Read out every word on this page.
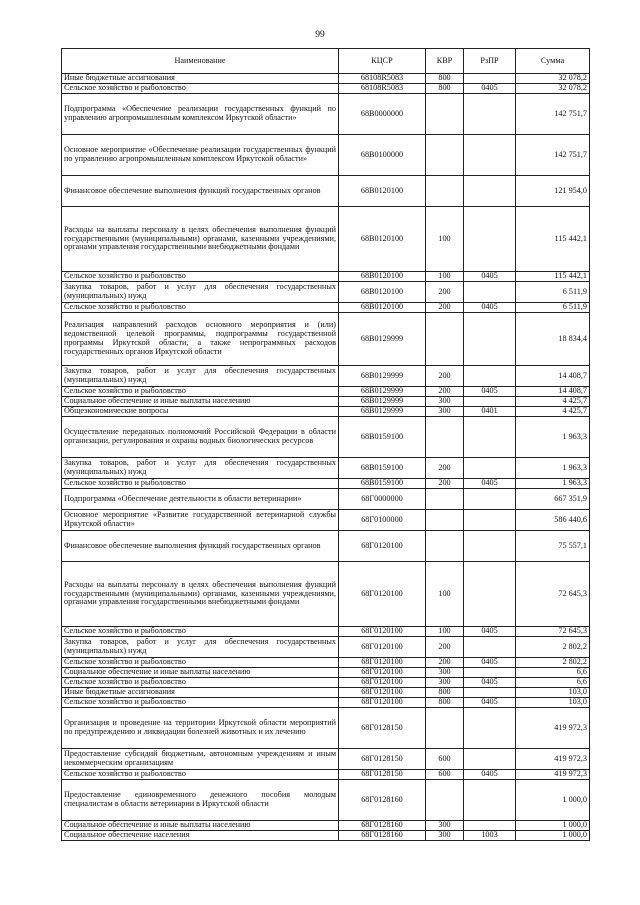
99
Наименование	КЦСР	КВР	РзПР	Сумма
Иные бюджетные ассигнования	68108R5083	800		32 078,2
Сельское хозяйство и рыболовство	68108R5083	800	0405	32 078,2
Подпрограмма «Обеспечение реализации государственных функций по управлению агропромышленным комплексом Иркутской области»	68В0000000			142 751,7
Основное мероприятие «Обеспечение реализации государственных функций по управлению агропромышленным комплексом Иркутской области»	68В0100000			142 751,7
Финансовое обеспечение выполнения функций государственных органов	68В0120100			121 954,0
Расходы на выплаты персоналу в целях обеспечения выполнения функций государственными (муниципальными) органами, казенными учреждениями, органами управления государственными внебюджетными фондами	68В0120100	100		115 442,1
Сельское хозяйство и рыболовство	68В0120100	100	0405	115 442,1
Закупка товаров, работ и услуг для обеспечения государственных (муниципальных) нужд	68В0120100	200		6 511,9
Сельское хозяйство и рыболовство	68В0120100	200	0405	6 511,9
Реализация направлений расходов основного мероприятия и (или) ведомственной целевой программы, подпрограммы государственной программы Иркутской области, а также непрограммных расходов государственных органов Иркутской области	68В0129999			18 834,4
Закупка товаров, работ и услуг для обеспечения государственных (муниципальных) нужд	68В0129999	200		14 408,7
Сельское хозяйство и рыболовство	68В0129999	200	0405	14 408,7
Социальное обеспечение и иные выплаты населению	68В0129999	300		4 425,7
Общеэкономические вопросы	68В0129999	300	0401	4 425,7
Осуществление переданных полномочий Российской Федерации в области организации, регулирования и охраны водных биологических ресурсов	68В0159100			1 963,3
Закупка товаров, работ и услуг для обеспечения государственных (муниципальных) нужд	68В0159100	200		1 963,3
Сельское хозяйство и рыболовство	68В0159100	200	0405	1 963,3
Подпрограмма «Обеспечение деятельности в области ветеринарии»	68Г0000000			667 351,9
Основное мероприятие «Развитие государственной ветеринарной службы Иркутской области»	68Г0100000			586 440,6
Финансовое обеспечение выполнения функций государственных органов	68Г0120100			75 557,1
Расходы на выплаты персоналу в целях обеспечения выполнения функций государственными (муниципальными) органами, казенными учреждениями, органами управления государственными внебюджетными фондами	68Г0120100	100		72 645,3
Сельское хозяйство и рыболовство	68Г0120100	100	0405	72 645,3
Закупка товаров, работ и услуг для обеспечения государственных (муниципальных) нужд	68Г0120100	200		2 802,2
Сельское хозяйство и рыболовство	68Г0120100	200	0405	2 802,2
Социальное обеспечение и иные выплаты населению	68Г0120100	300		6,6
Сельское хозяйство и рыболовство	68Г0120100	300	0405	6,6
Иные бюджетные ассигнования	68Г0120100	800		103,0
Сельское хозяйство и рыболовство	68Г0120100	800	0405	103,0
Организация и проведение на территории Иркутской области мероприятий по предупреждению и ликвидации болезней животных и их лечению	68Г0128150			419 972,3
Предоставление субсидий бюджетным, автономным учреждениям и иным некоммерческим организациям	68Г0128150	600		419 972,3
Сельское хозяйство и рыболовство	68Г0128150	600	0405	419 972,3
Предоставление единовременного денежного пособия молодым специалистам в области ветеринарии в Иркутской области	68Г0128160			1 000,0
Социальное обеспечение и иные выплаты населению	68Г0128160	300		1 000,0
Социальное обеспечение населения	68Г0128160	300	1003	1 000,0
